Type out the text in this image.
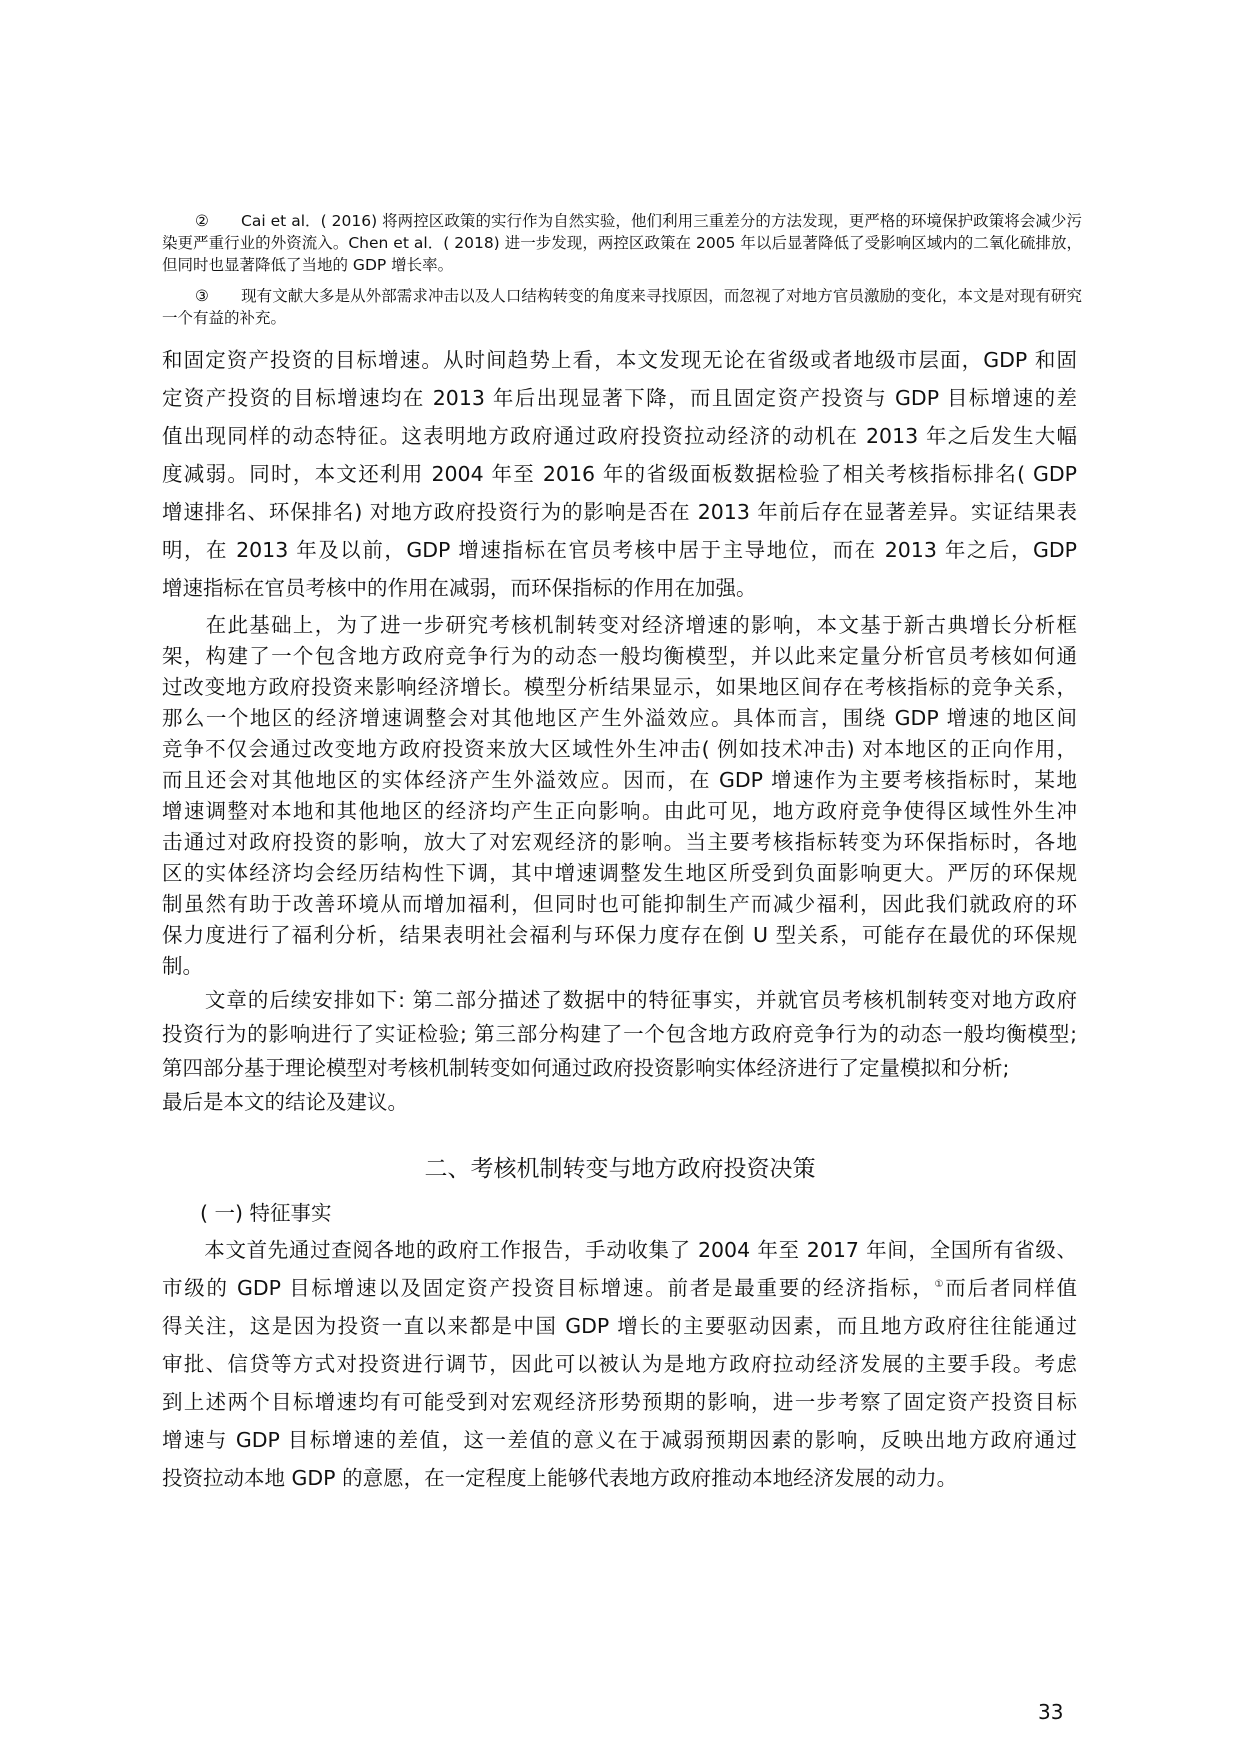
② Cai et al．( 2016) 将两控区政策的实行作为自然实验，他们利用三重差分的方法发现，更严格的环境保护政策将会减少污染更严重行业的外资流入。Chen et al．( 2018) 进一步发现，两控区政策在 2005 年以后显著降低了受影响区域内的二氧化硫排放，但同时也显著降低了当地的 GDP 增长率。

③ 现有文献大多是从外部需求冲击以及人口结构转变的角度来寻找原因，而忽视了对地方官员激励的变化，本文是对现有研究一个有益的补充。

和固定资产投资的目标增速。从时间趋势上看，本文发现无论在省级或者地级市层面，GDP 和固

定资产投资的目标增速均在 2013 年后出现显著下降，而且固定资产投资与 GDP 目标增速的差

值出现同样的动态特征。这表明地方政府通过政府投资拉动经济的动机在 2013 年之后发生大幅

度减弱。同时，本文还利用 2004 年至 2016 年的省级面板数据检验了相关考核指标排名( GDP

增速排名、环保排名) 对地方政府投资行为的影响是否在 2013 年前后存在显著差异。实证结果表

明，在 2013 年及以前，GDP 增速指标在官员考核中居于主导地位，而在 2013 年之后，GDP

增速指标在官员考核中的作用在减弱，而环保指标的作用在加强。

　　在此基础上，为了进一步研究考核机制转变对经济增速的影响，本文基于新古典增长分析框

架，构建了一个包含地方政府竞争行为的动态一般均衡模型，并以此来定量分析官员考核如何通

过改变地方政府投资来影响经济增长。模型分析结果显示，如果地区间存在考核指标的竞争关系，

那么一个地区的经济增速调整会对其他地区产生外溢效应。具体而言，围绕 GDP 增速的地区间

竞争不仅会通过改变地方政府投资来放大区域性外生冲击( 例如技术冲击) 对本地区的正向作用，

而且还会对其他地区的实体经济产生外溢效应。因而，在 GDP 增速作为主要考核指标时，某地

增速调整对本地和其他地区的经济均产生正向影响。由此可见，地方政府竞争使得区域性外生冲

击通过对政府投资的影响，放大了对宏观经济的影响。当主要考核指标转变为环保指标时，各地

区的实体经济均会经历结构性下调，其中增速调整发生地区所受到负面影响更大。严厉的环保规

制虽然有助于改善环境从而增加福利，但同时也可能抑制生产而减少福利，因此我们就政府的环

保力度进行了福利分析，结果表明社会福利与环保力度存在倒 U 型关系，可能存在最优的环保规

制。

　　文章的后续安排如下: 第二部分描述了数据中的特征事实，并就官员考核机制转变对地方政府

投资行为的影响进行了实证检验; 第三部分构建了一个包含地方政府竞争行为的动态一般均衡模型;

第四部分基于理论模型对考核机制转变如何通过政府投资影响实体经济进行了定量模拟和分析;

最后是本文的结论及建议。

二、考核机制转变与地方政府投资决策

( 一) 特征事实

　　本文首先通过查阅各地的政府工作报告，手动收集了 2004 年至 2017 年间，全国所有省级、

市级的 GDP 目标增速以及固定资产投资目标增速。前者是最重要的经济指标，①而后者同样值

得关注，这是因为投资一直以来都是中国 GDP 增长的主要驱动因素，而且地方政府往往能通过

审批、信贷等方式对投资进行调节，因此可以被认为是地方政府拉动经济发展的主要手段。考虑

到上述两个目标增速均有可能受到对宏观经济形势预期的影响，进一步考察了固定资产投资目标

增速与 GDP 目标增速的差值，这一差值的意义在于减弱预期因素的影响，反映出地方政府通过

投资拉动本地 GDP 的意愿，在一定程度上能够代表地方政府推动本地经济发展的动力。

33
